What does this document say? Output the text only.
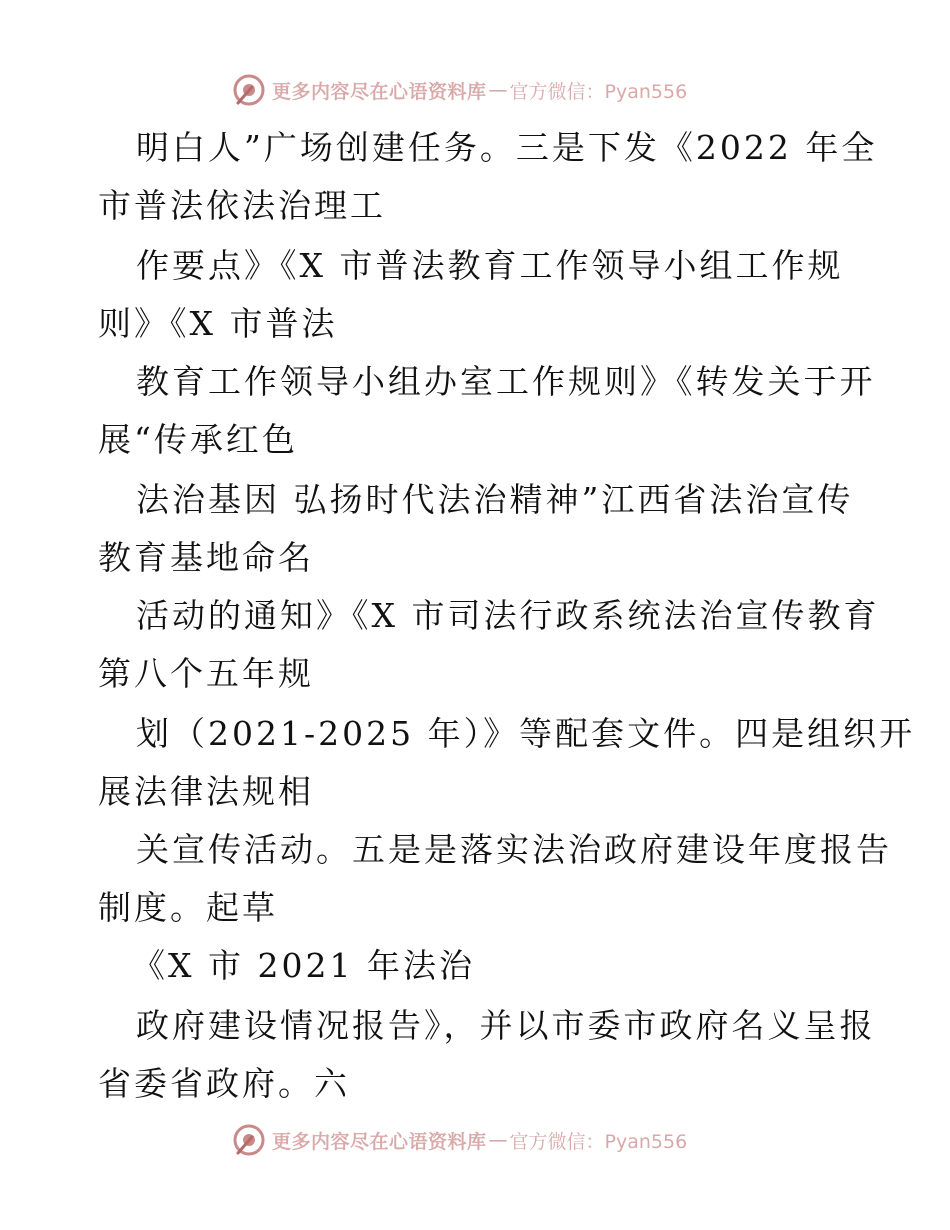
更多内容尽在心语资料库 — 官方微信：Pyan556
明白人”广场创建任务。三是下发《2022 年全
市普法依法治理工
作要点》《X 市普法教育工作领导小组工作规
则》《X 市普法
教育工作领导小组办室工作规则》《转发关于开
展“传承红色
法治基因 弘扬时代法治精神”江西省法治宣传
教育基地命名
活动的通知》《X 市司法行政系统法治宣传教育
第八个五年规
划（2021-2025 年）》等配套文件。四是组织开
展法律法规相
关宣传活动。五是是落实法治政府建设年度报告
制度。起草
《X 市 2021 年法治
政府建设情况报告》，并以市委市政府名义呈报
省委省政府。六
更多内容尽在心语资料库 — 官方微信：Pyan556
